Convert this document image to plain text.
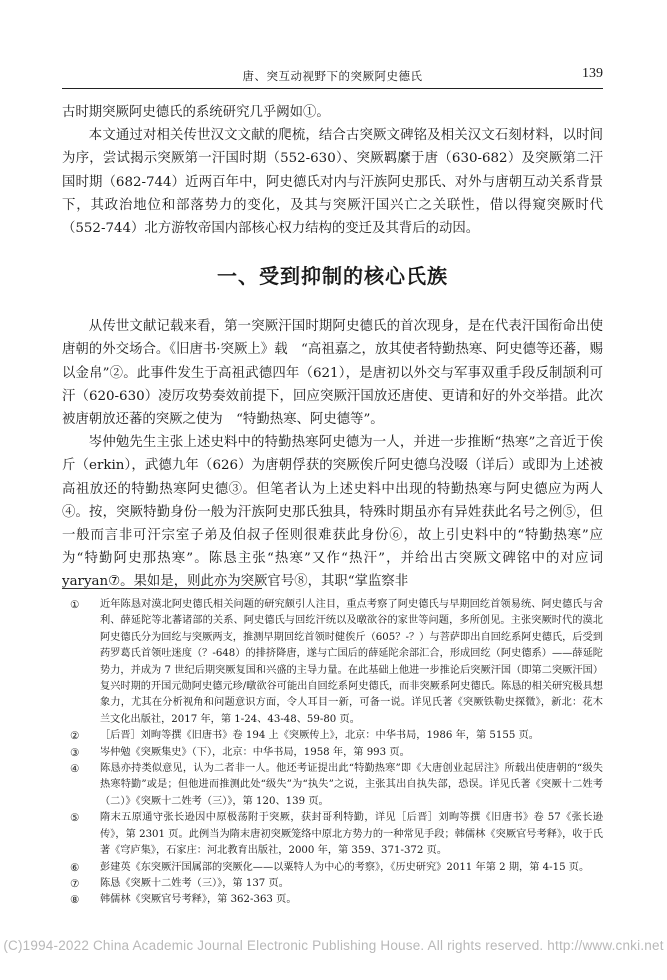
唐、突互动视野下的突厥阿史德氏	139

古时期突厥阿史德氏的系统研究几乎阙如①。

本文通过对相关传世汉文文献的爬梳，结合古突厥文碑铭及相关汉文石刻材料，以时间为序，尝试揭示突厥第一汗国时期（552-630）、突厥羁縻于唐（630-682）及突厥第二汗国时期（682-744）近两百年中，阿史德氏对内与汗族阿史那氏、对外与唐朝互动关系背景下，其政治地位和部落势力的变化，及其与突厥汗国兴亡之关联性，借以得窥突厥时代（552-744）北方游牧帝国内部核心权力结构的变迁及其背后的动因。

一、受到抑制的核心氏族

从传世文献记载来看，第一突厥汗国时期阿史德氏的首次现身，是在代表汗国衔命出使唐朝的外交场合。《旧唐书·突厥上》载　“高祖嘉之，放其使者特勤热寒、阿史德等还蕃，赐以金帛”②。此事件发生于高祖武德四年（621），是唐初以外交与军事双重手段反制颉利可汗（620-630）凌厉攻势奏效前提下，回应突厥汗国放还唐使、更请和好的外交举措。此次被唐朝放还蕃的突厥之使为　“特勤热寒、阿史德等”。

岑仲勉先生主张上述史料中的特勤热寒阿史德为一人，并进一步推断“热寒”之音近于俟斤（erkin），武德九年（626）为唐朝俘获的突厥俟斤阿史德乌没啜（详后）或即为上述被高祖放还的特勤热寒阿史德③。但笔者认为上述史料中出现的特勤热寒与阿史德应为两人④。按，突厥特勤身份一般为汗族阿史那氏独具，特殊时期虽亦有异姓获此名号之例⑤，但一般而言非可汗宗室子弟及伯叔子侄则很难获此身份⑥，故上引史料中的“特勤热寒”应为“特勤阿史那热寒”。陈恳主张“热寒”又作“热汗”，并给出古突厥文碑铭中的对应词 yaryan⑦。果如是，则此亦为突厥官号⑧，其职“掌监察非

①	近年陈恳对漠北阿史德氏相关问题的研究颇引人注目，重点考察了阿史德氏与早期回纥首领易统、阿史德氏与舍利、薛延陀等北蕃诸部的关系、阿史德氏与回纥汗统以及暾欲谷的家世等问题，多所创见。主张突厥时代的漠北阿史德氏分为回纥与突厥两支，推测早期回纥首领时健俟斤（605？-？）与菩萨即出自回纥系阿史德氏，后受到药罗葛氏首领吐迷度（？-648）的排挤降唐，遂与亡国后的薛延陀余部汇合，形成回纥（阿史德系）——薛延陀势力，并成为 7 世纪后期突厥复国和兴盛的主导力量。在此基础上他进一步推论后突厥汗国（即第二突厥汗国）复兴时期的开国元勋阿史德元珍/暾欲谷可能出自回纥系阿史德氏，而非突厥系阿史德氏。陈恳的相关研究极具想象力，尤其在分析视角和问题意识方面，令人耳目一新，可备一说。详见氏著《突厥铁勒史探微》，新北：花木兰文化出版社，2017 年，第 1-24、43-48、59-80 页。
②	［后晋］刘昫等撰《旧唐书》卷 194 上《突厥传上》，北京：中华书局，1986 年，第 5155 页。
③	岑仲勉《突厥集史》（下），北京：中华书局，1958 年，第 993 页。
④	陈恳亦持类似意见，认为二者非一人。他还考证提出此“特勤热寒”即《大唐创业起居注》所载出使唐朝的“级失热寒特勤”或是；但他进而推测此处“级失”为“执失”之说，主张其出自执失部，恐误。详见氏著《突厥十二姓考（二）》《突厥十二姓考（三）》，第 120、139 页。
⑤	隋末五原通守张长逊因中原极荡附于突厥，获封哥利特勤，详见［后晋］刘昫等撰《旧唐书》卷 57《张长逊传》，第 2301 页。此例当为隋末唐初突厥笼络中原北方势力的一种常见手段；韩儒林《突厥官号考释》，收于氏著《穹庐集》，石家庄：河北教育出版社，2000 年，第 359、371-372 页。
⑥	彭建英《东突厥汗国属部的突厥化——以粟特人为中心的考察》，《历史研究》2011 年第 2 期，第 4-15 页。
⑦	陈恳《突厥十二姓考（三）》，第 137 页。
⑧	韩儒林《突厥官号考释》，第 362-363 页。
(C)1994-2022 China Academic Journal Electronic Publishing House. All rights reserved. http://www.cnki.net
